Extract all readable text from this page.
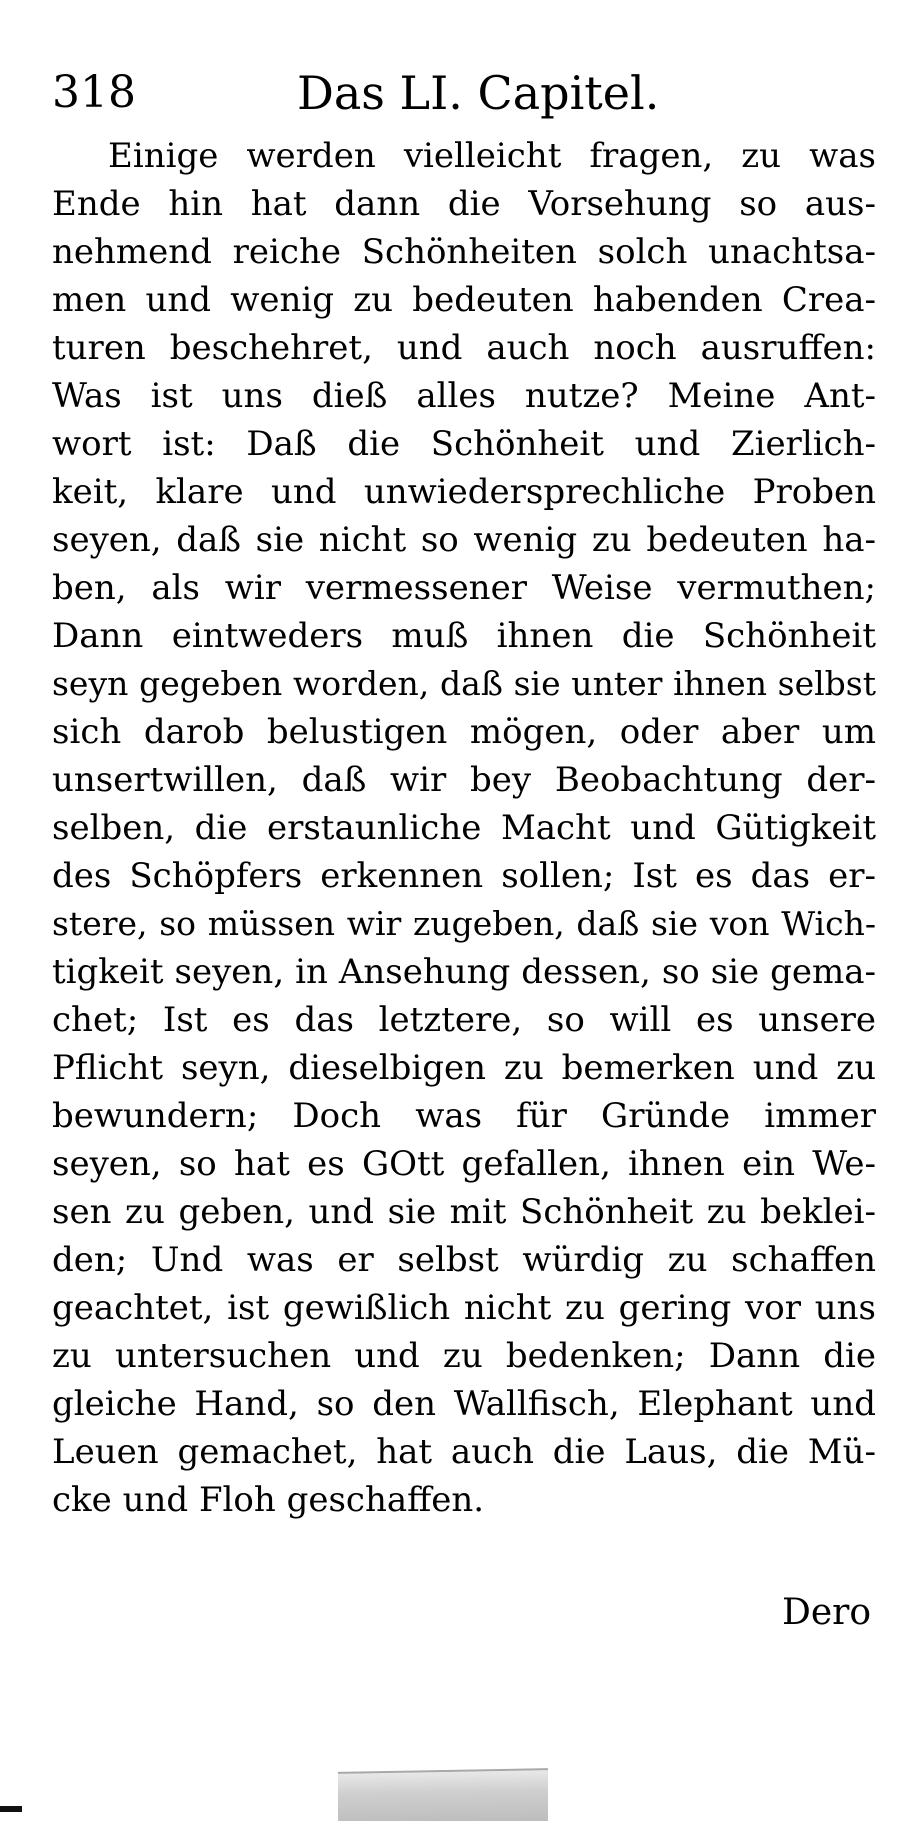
318	Das LI. Capitel.
Einige werden vielleicht fragen, zu was
Ende hin hat dann die Vorsehung so aus-
nehmend reiche Schönheiten solch unachtsa-
men und wenig zu bedeuten habenden Crea-
turen beschehret, und auch noch ausruffen:
Was ist uns dieß alles nutze? Meine Ant-
wort ist: Daß die Schönheit und Zierlich-
keit, klare und unwiedersprechliche Proben
seyen, daß sie nicht so wenig zu bedeuten ha-
ben, als wir vermessener Weise vermuthen;
Dann eintweders muß ihnen die Schönheit
seyn gegeben worden, daß sie unter ihnen selbst
sich darob belustigen mögen, oder aber um
unsertwillen, daß wir bey Beobachtung der-
selben, die erstaunliche Macht und Gütigkeit
des Schöpfers erkennen sollen; Ist es das er-
stere, so müssen wir zugeben, daß sie von Wich-
tigkeit seyen, in Ansehung dessen, so sie gema-
chet; Ist es das letztere, so will es unsere
Pflicht seyn, dieselbigen zu bemerken und zu
bewundern; Doch was für Gründe immer
seyen, so hat es GOtt gefallen, ihnen ein We-
sen zu geben, und sie mit Schönheit zu beklei-
den; Und was er selbst würdig zu schaffen
geachtet, ist gewißlich nicht zu gering vor uns
zu untersuchen und zu bedenken; Dann die
gleiche Hand, so den Wallfisch, Elephant und
Leuen gemachet, hat auch die Laus, die Mü-
cke und Floh geschaffen.
Dero
